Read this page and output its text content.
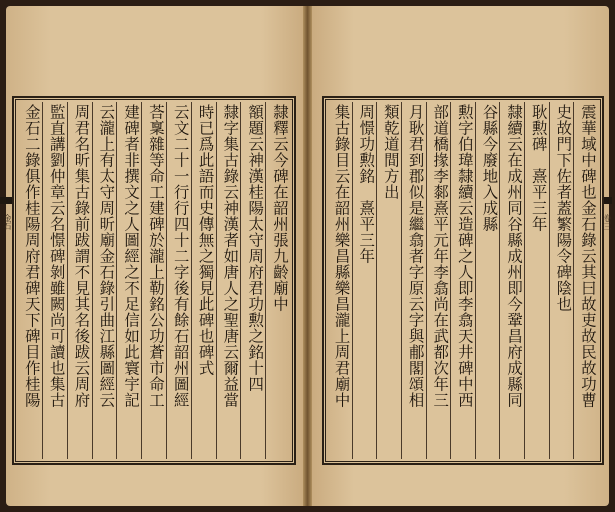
金石	卷三
隸釋云今碑在韶州張九齡廟中
額題云神漢桂陽太守周府君功勲之銘十四
隸字集古錄云神漢者如唐人之聖唐云爾益當
時已爲此語而史傳無之獨見此碑也碑式
云文二十一行行四十二字後有餘石韶州圖經
荅稟雜等命工建碑於瀧上勒銘公功蒼市命工
建碑者非撰文之人圖經之不足信如此寰宇記
云瀧上有太守周昕廟金石錄引曲江縣圖經云
周君名昕集古錄前跋謂不見其名後跋云周府
監直講劉仲章云名憬碑剝雖闕尚可讀也集古
金石二錄俱作桂陽周府君碑天下碑目作桂陽	震華域中碑也金石錄云其曰故吏故民故功曹
史故門下佐者蓋繁陽令碑陰也
耿勲碑　熹平三年
隸續云在成州同谷縣成州即今鞏昌府成縣同
谷縣今廢地入成縣
勲字伯瑋隸續云造碑之人即李翕天井碑中西
部道橋掾李䣛熹平元年李翕尚在武都次年三
月耿君到郡似是繼翕者字原云字與郙閣頌相
類乾道間方出
周憬功勲銘　熹平三年
集古錄目云在韶州樂昌縣樂昌瀧上周君廟中
